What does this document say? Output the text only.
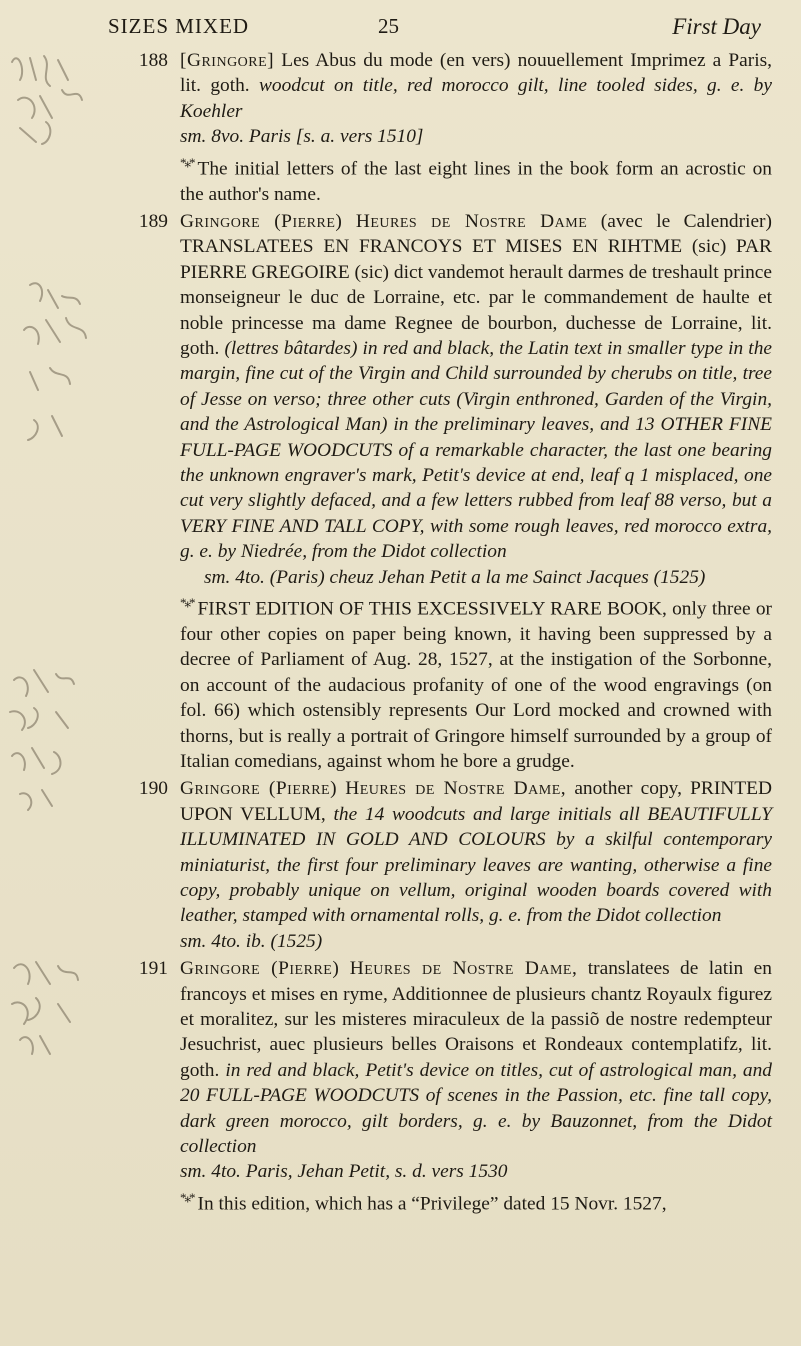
SIZES MIXED	25	First Day
188 [Gringore] Les Abus du mode (en vers) nouuellement Imprimez a Paris, lit. goth. woodcut on title, red morocco gilt, line tooled sides, g. e. by Koehler

sm. 8vo. Paris [s. a. vers 1510]

*⁎* The initial letters of the last eight lines in the book form an acrostic on the author's name.

189 Gringore (Pierre) Heures de Nostre Dame (avec le Calendrier) TRANSLATEES EN FRANCOYS ET MISES EN RIHTME (sic) PAR PIERRE GREGOIRE (sic) dict vandemot herault darmes de treshault prince monseigneur le duc de Lorraine, etc. par le commandement de haulte et noble princesse ma dame Regnee de bourbon, duchesse de Lorraine, lit. goth. (lettres bâtardes) in red and black, the Latin text in smaller type in the margin, fine cut of the Virgin and Child surrounded by cherubs on title, tree of Jesse on verso; three other cuts (Virgin enthroned, Garden of the Virgin, and the Astrological Man) in the preliminary leaves, and 13 OTHER FINE FULL-PAGE WOODCUTS of a remarkable character, the last one bearing the unknown engraver's mark, Petit's device at end, leaf q 1 misplaced, one cut very slightly defaced, and a few letters rubbed from leaf 88 verso, but a VERY FINE AND TALL COPY, with some rough leaves, red morocco extra, g. e. by Niedrée, from the Didot collection

sm. 4to. (Paris) cheuz Jehan Petit a la me Sainct Jacques (1525)

*⁎* FIRST EDITION OF THIS EXCESSIVELY RARE BOOK, only three or four other copies on paper being known, it having been suppressed by a decree of Parliament of Aug. 28, 1527, at the instigation of the Sorbonne, on account of the audacious profanity of one of the wood engravings (on fol. 66) which ostensibly represents Our Lord mocked and crowned with thorns, but is really a portrait of Gringore himself surrounded by a group of Italian comedians, against whom he bore a grudge.

190 Gringore (Pierre) Heures de Nostre Dame, another copy, PRINTED UPON VELLUM, the 14 woodcuts and large initials all BEAUTIFULLY ILLUMINATED IN GOLD AND COLOURS by a skilful contemporary miniaturist, the first four preliminary leaves are wanting, otherwise a fine copy, probably unique on vellum, original wooden boards covered with leather, stamped with ornamental rolls, g. e. from the Didot collection

sm. 4to. ib. (1525)

191 Gringore (Pierre) Heures de Nostre Dame, translatees de latin en francoys et mises en ryme, Additionnee de plusieurs chantz Royaulx figurez et moralitez, sur les misteres miraculeux de la passiõ de nostre redempteur Jesuchrist, auec plusieurs belles Oraisons et Rondeaux contemplatifz, lit. goth. in red and black, Petit's device on titles, cut of astrological man, and 20 FULL-PAGE WOODCUTS of scenes in the Passion, etc. fine tall copy, dark green morocco, gilt borders, g. e. by Bauzonnet, from the Didot collection

sm. 4to. Paris, Jehan Petit, s. d. vers 1530

*⁎* In this edition, which has a “Privilege” dated 15 Novr. 1527,
